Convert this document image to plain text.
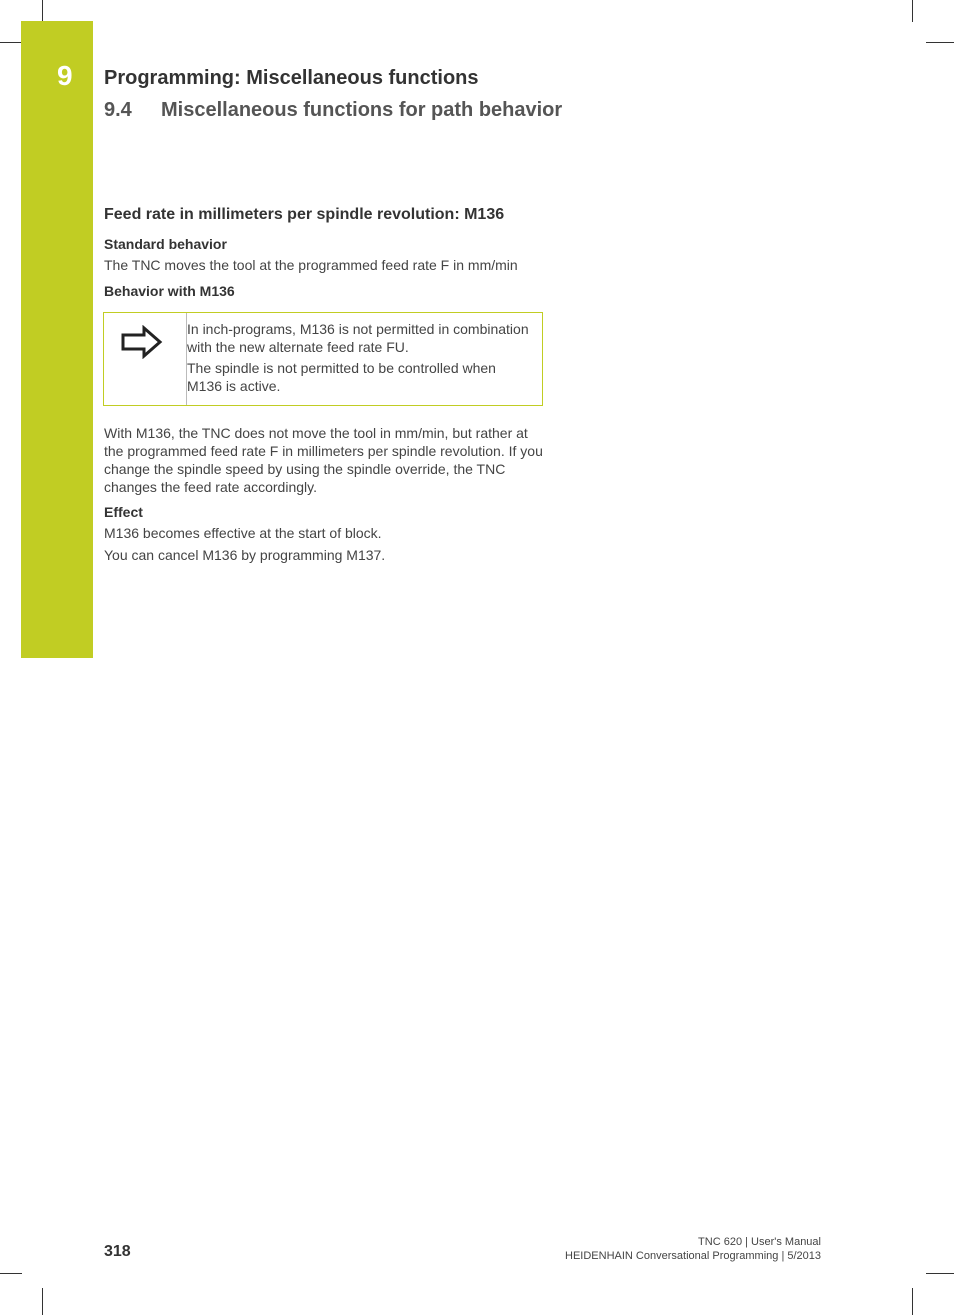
9 Programming: Miscellaneous functions
9.4 Miscellaneous functions for path behavior
Feed rate in millimeters per spindle revolution: M136
Standard behavior
The TNC moves the tool at the programmed feed rate F in mm/min
Behavior with M136
In inch-programs, M136 is not permitted in combination with the new alternate feed rate FU.
The spindle is not permitted to be controlled when M136 is active.
With M136, the TNC does not move the tool in mm/min, but rather at the programmed feed rate F in millimeters per spindle revolution. If you change the spindle speed by using the spindle override, the TNC changes the feed rate accordingly.
Effect
M136 becomes effective at the start of block.
You can cancel M136 by programming M137.
318
TNC 620 | User's Manual
HEIDENHAIN Conversational Programming | 5/2013
